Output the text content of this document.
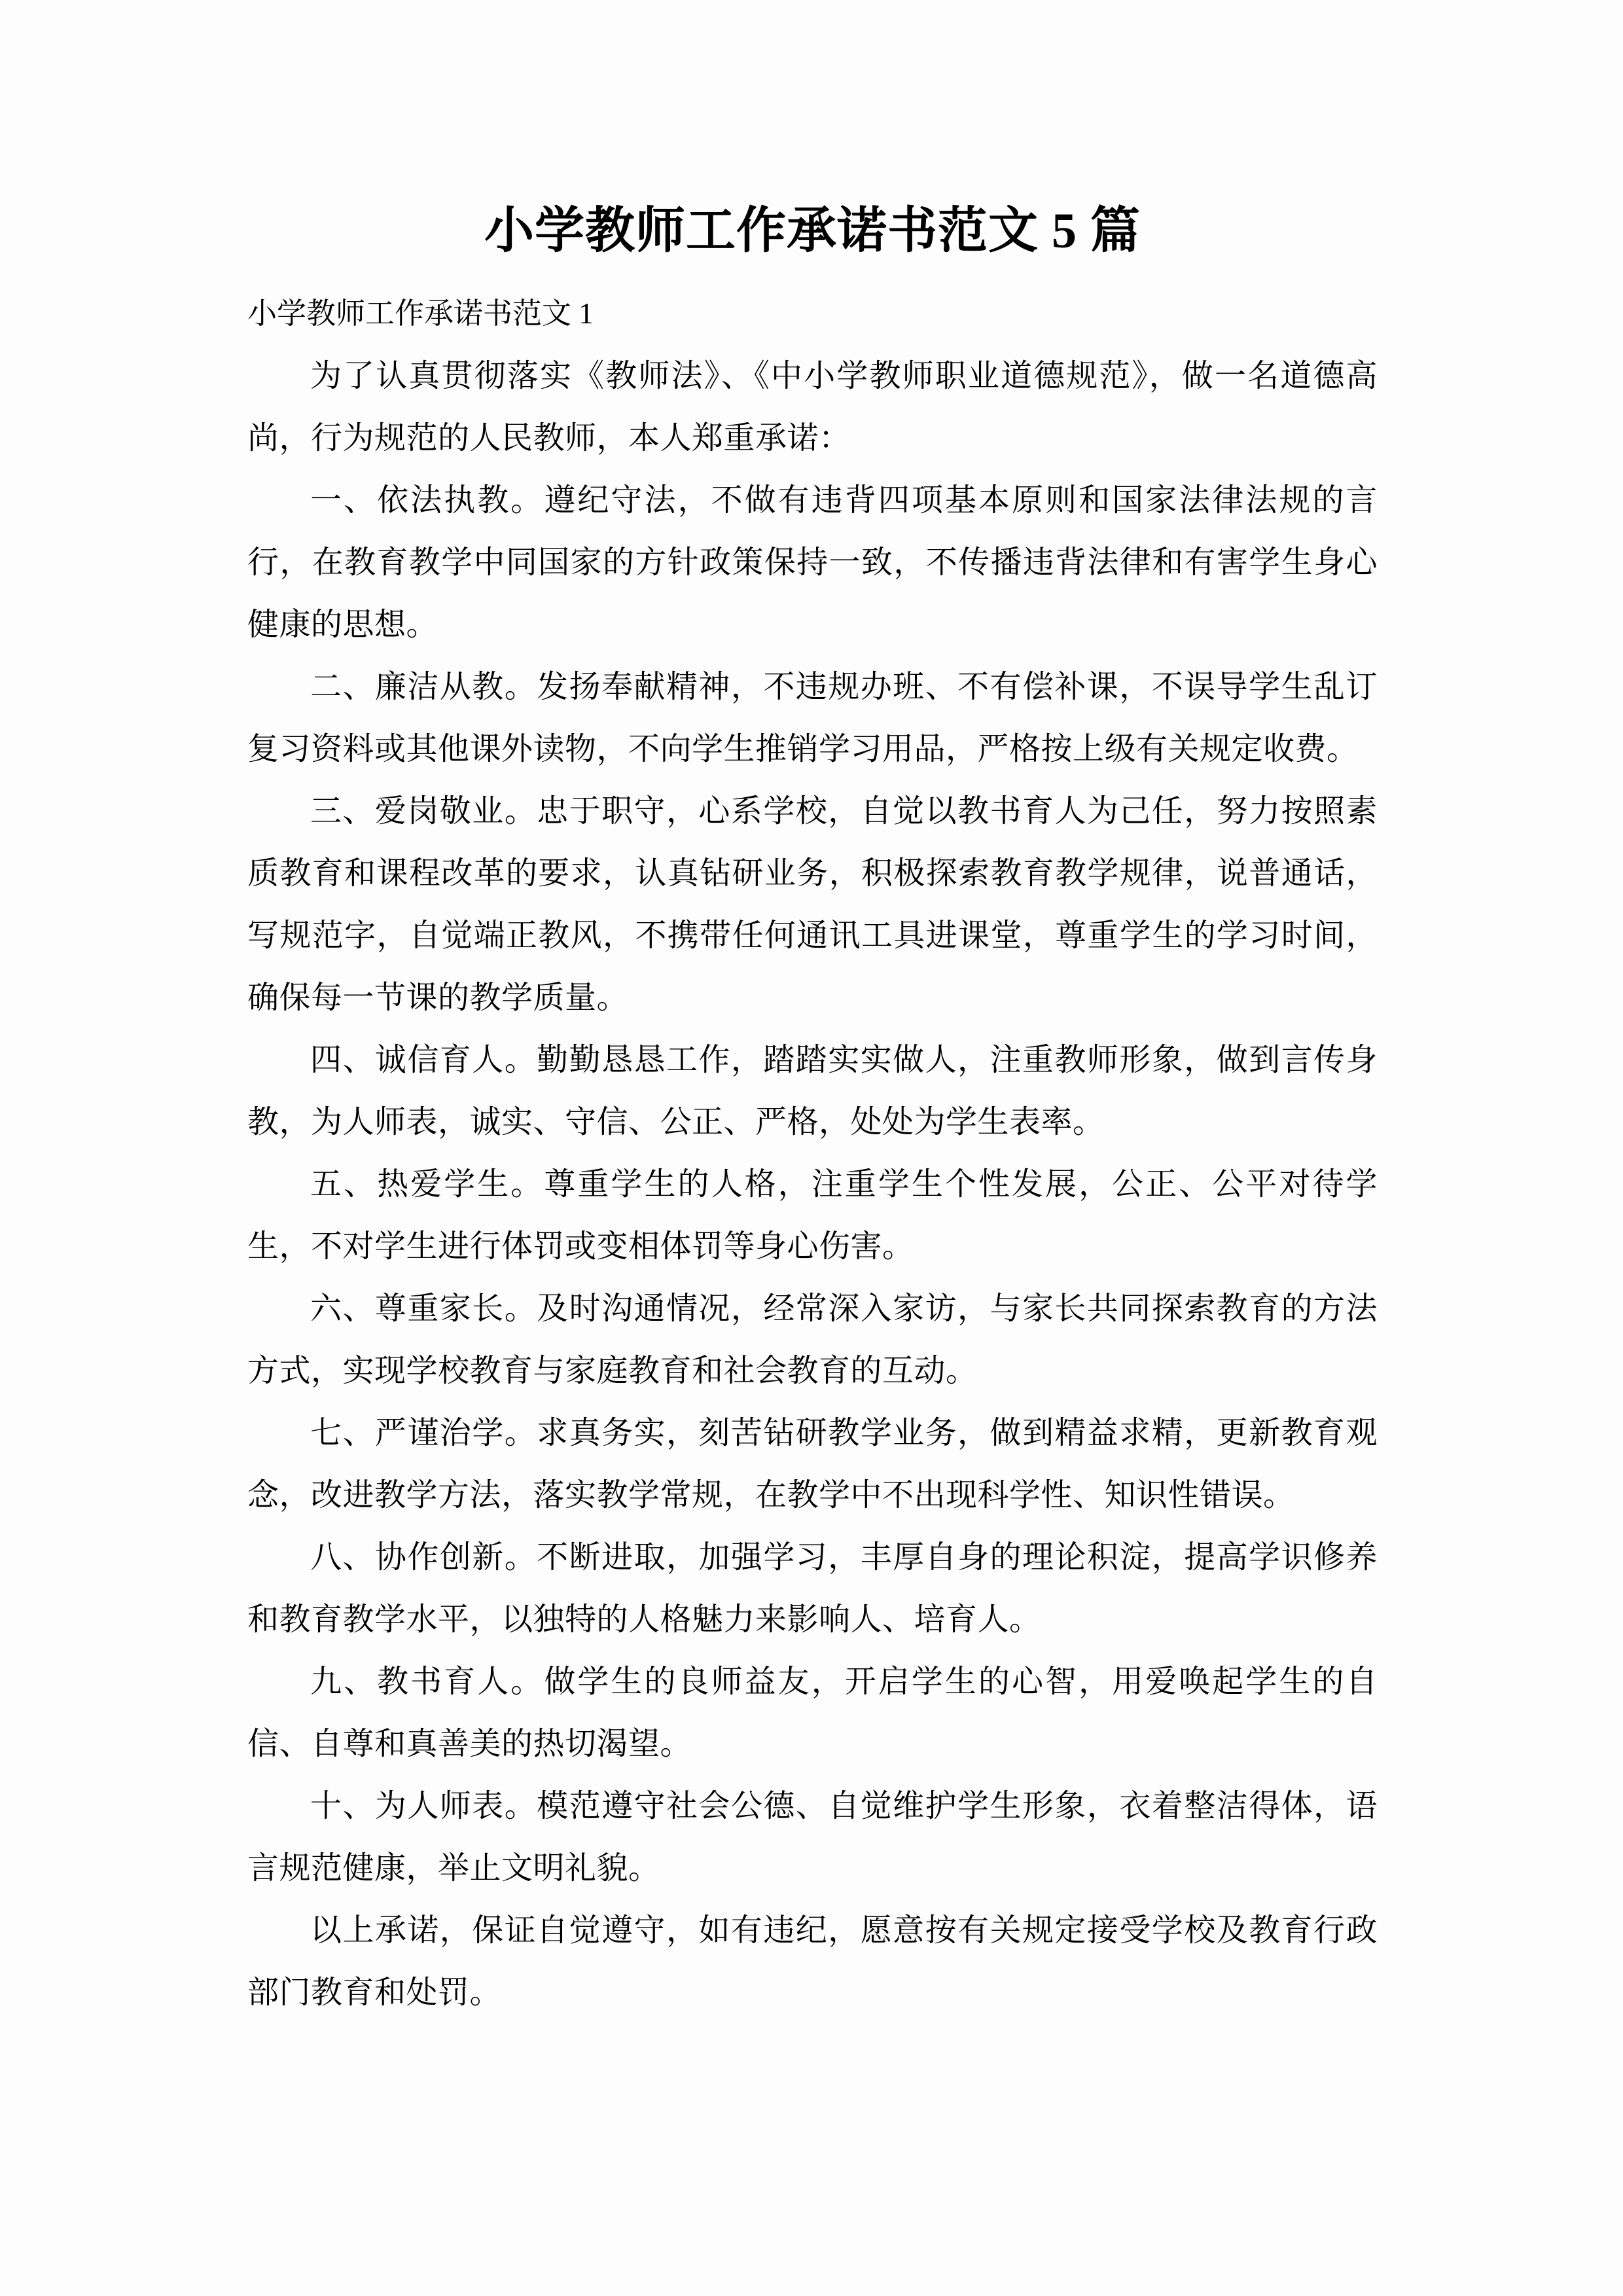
小学教师工作承诺书范文 5 篇

小学教师工作承诺书范文 1

为了认真贯彻落实《教师法》、《中小学教师职业道德规范》，做一名道德高尚，行为规范的人民教师，本人郑重承诺：

一、依法执教。遵纪守法，不做有违背四项基本原则和国家法律法规的言行，在教育教学中同国家的方针政策保持一致，不传播违背法律和有害学生身心健康的思想。

二、廉洁从教。发扬奉献精神，不违规办班、不有偿补课，不误导学生乱订复习资料或其他课外读物，不向学生推销学习用品，严格按上级有关规定收费。

三、爱岗敬业。忠于职守，心系学校，自觉以教书育人为己任，努力按照素质教育和课程改革的要求，认真钻研业务，积极探索教育教学规律，说普通话，写规范字，自觉端正教风，不携带任何通讯工具进课堂，尊重学生的学习时间，确保每一节课的教学质量。

四、诚信育人。勤勤恳恳工作，踏踏实实做人，注重教师形象，做到言传身教，为人师表，诚实、守信、公正、严格，处处为学生表率。

五、热爱学生。尊重学生的人格，注重学生个性发展，公正、公平对待学生，不对学生进行体罚或变相体罚等身心伤害。

六、尊重家长。及时沟通情况，经常深入家访，与家长共同探索教育的方法方式，实现学校教育与家庭教育和社会教育的互动。

七、严谨治学。求真务实，刻苦钻研教学业务，做到精益求精，更新教育观念，改进教学方法，落实教学常规，在教学中不出现科学性、知识性错误。

八、协作创新。不断进取，加强学习，丰厚自身的理论积淀，提高学识修养和教育教学水平，以独特的人格魅力来影响人、培育人。

九、教书育人。做学生的良师益友，开启学生的心智，用爱唤起学生的自信、自尊和真善美的热切渴望。

十、为人师表。模范遵守社会公德、自觉维护学生形象，衣着整洁得体，语言规范健康，举止文明礼貌。

以上承诺，保证自觉遵守，如有违纪，愿意按有关规定接受学校及教育行政部门教育和处罚。
